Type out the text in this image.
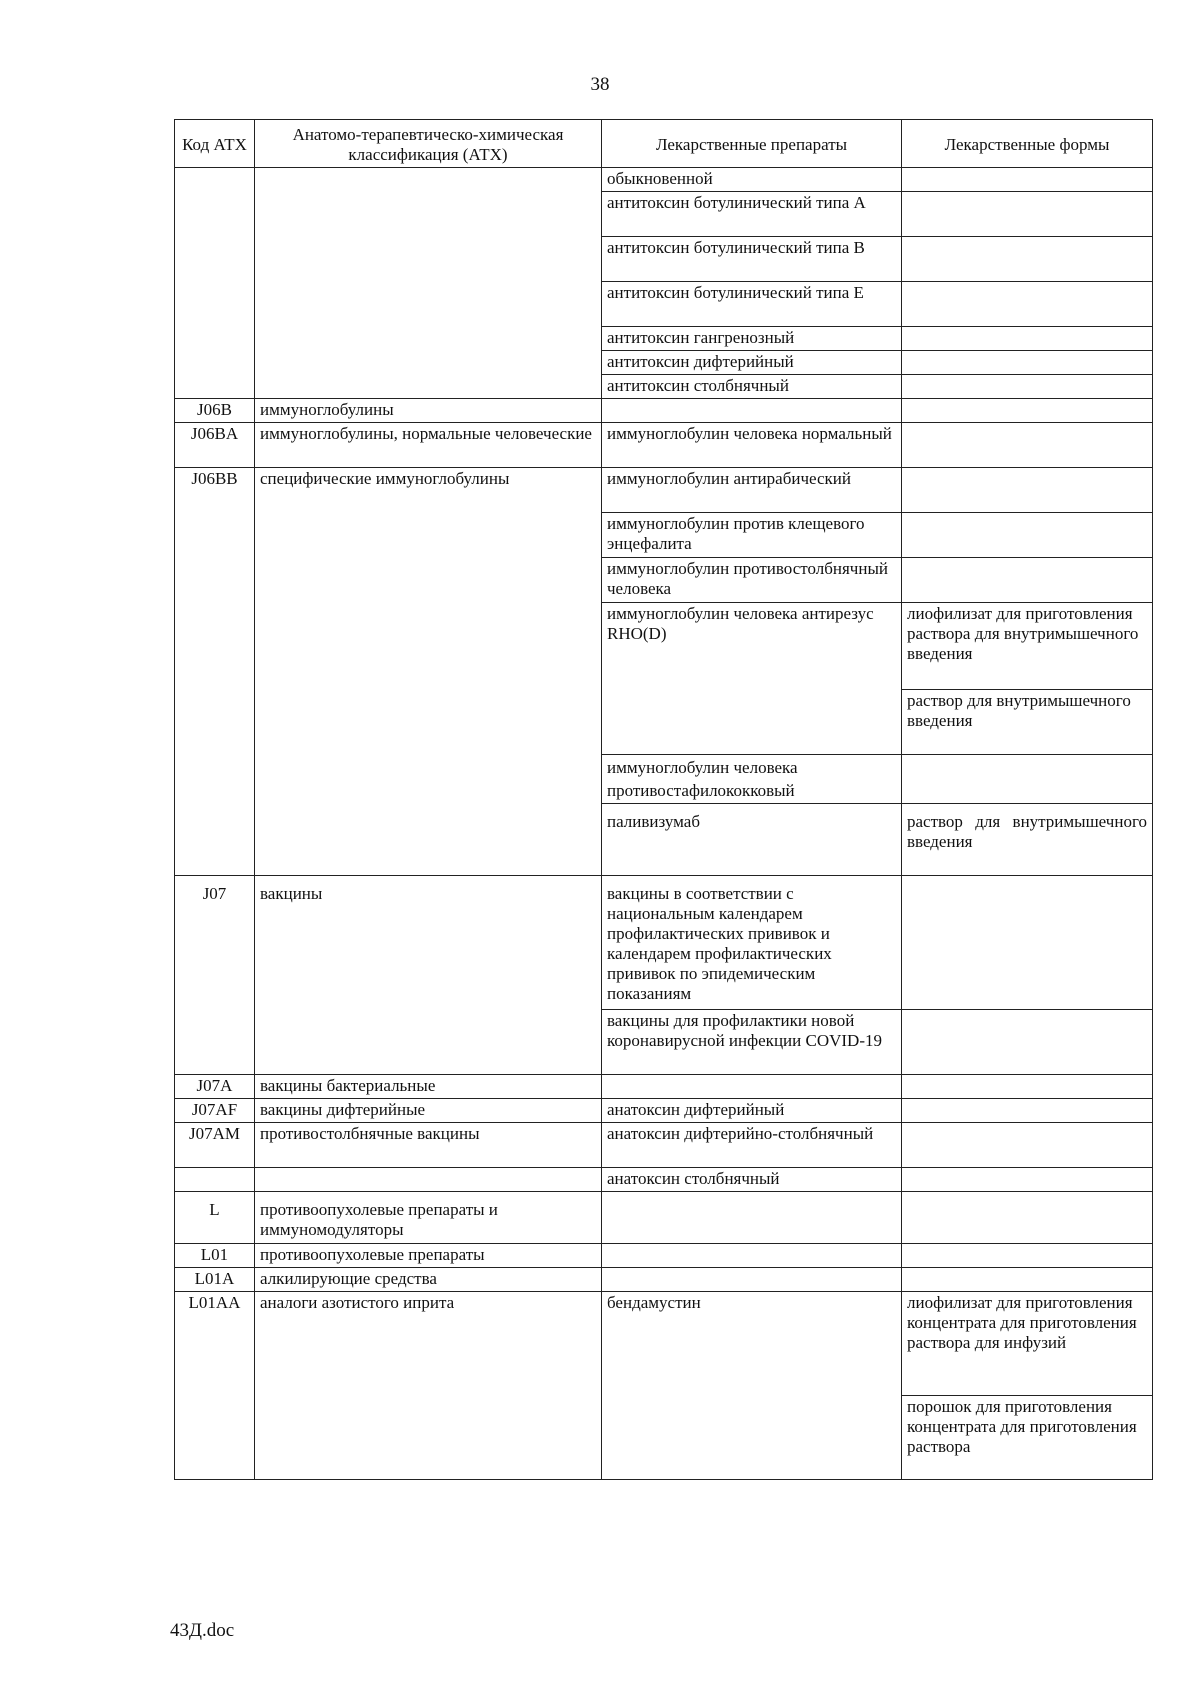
38
Код АТХ	Анатомо-терапевтическо-химическая классификация (АТХ)	Лекарственные препараты	Лекарственные формы
		обыкновенной	
		антитоксин ботулинический типа А	
		антитоксин ботулинический типа В	
		антитоксин ботулинический типа Е	
		антитоксин гангренозный	
		антитоксин дифтерийный	
		антитоксин столбнячный	
J06B	иммуноглобулины		
J06BA	иммуноглобулины, нормальные человеческие	иммуноглобулин человека нормальный	
J06BB	специфические иммуноглобулины	иммуноглобулин антирабический	
		иммуноглобулин против клещевого энцефалита	
		иммуноглобулин противостолбнячный человека	
		иммуноглобулин человека антирезус RHO(D)	лиофилизат для приготовления раствора для внутримышечного введения
			раствор для внутримышечного введения
		иммуноглобулин человека противостафилококковый	
		паливизумаб	раствор для внутримышечного введения
J07	вакцины	вакцины в соответствии с национальным календарем профилактических прививок и календарем профилактических прививок по эпидемическим показаниям	
		вакцины для профилактики новой коронавирусной инфекции COVID-19	
J07A	вакцины бактериальные		
J07AF	вакцины дифтерийные	анатоксин дифтерийный	
J07AM	противостолбнячные вакцины	анатоксин дифтерийно-столбнячный	
		анатоксин столбнячный	
L	противоопухолевые препараты и иммуномодуляторы		
L01	противоопухолевые препараты		
L01A	алкилирующие средства		
L01AA	аналоги азотистого иприта	бендамустин	лиофилизат для приготовления концентрата для приготовления раствора для инфузий
			порошок для приготовления концентрата для приготовления раствора
43Д.doc
